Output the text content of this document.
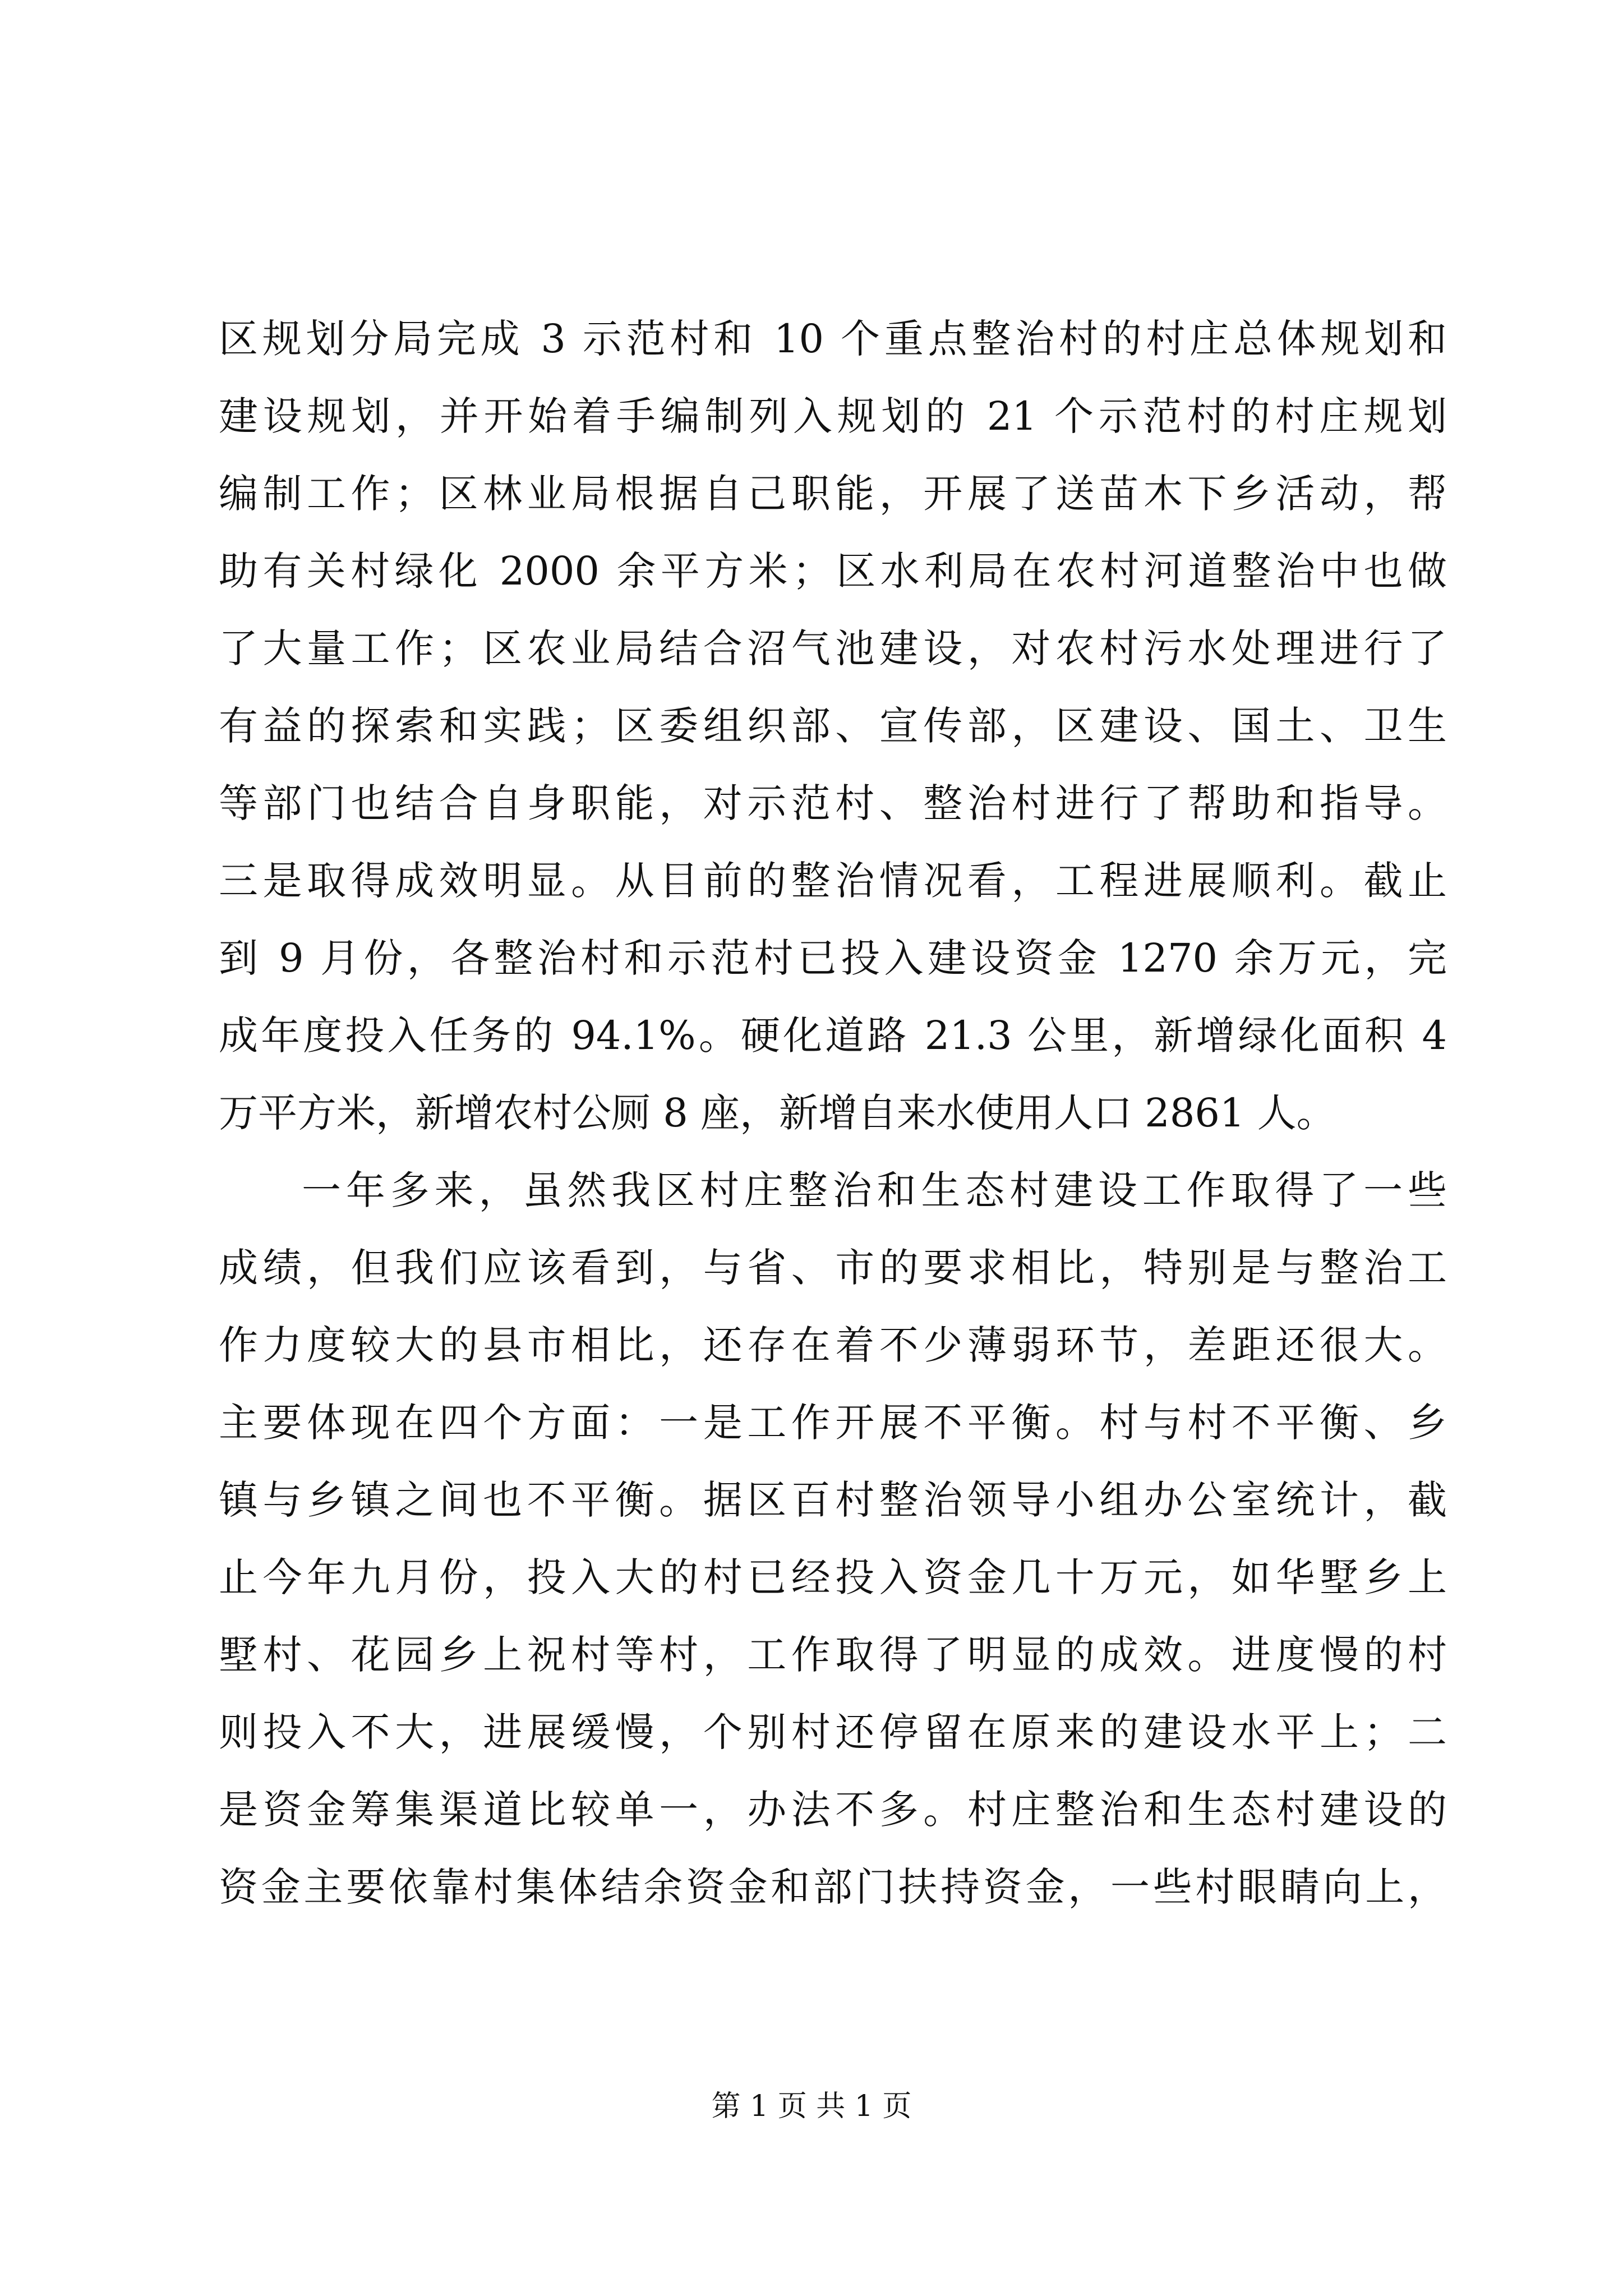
区规划分局完成 3 示范村和 10 个重点整治村的村庄总体规划和
建设规划，并开始着手编制列入规划的 21 个示范村的村庄规划
编制工作；区林业局根据自己职能，开展了送苗木下乡活动，帮
助有关村绿化 2000 余平方米；区水利局在农村河道整治中也做
了大量工作；区农业局结合沼气池建设，对农村污水处理进行了
有益的探索和实践；区委组织部、宣传部，区建设、国土、卫生
等部门也结合自身职能，对示范村、整治村进行了帮助和指导。
三是取得成效明显。从目前的整治情况看，工程进展顺利。截止
到 9 月份，各整治村和示范村已投入建设资金 1270 余万元，完
成年度投入任务的 94.1%。硬化道路 21.3 公里，新增绿化面积 4
万平方米，新增农村公厕 8 座，新增自来水使用人口 2861 人。
一年多来，虽然我区村庄整治和生态村建设工作取得了一些
成绩，但我们应该看到，与省、市的要求相比，特别是与整治工
作力度较大的县市相比，还存在着不少薄弱环节，差距还很大。
主要体现在四个方面：一是工作开展不平衡。村与村不平衡、乡
镇与乡镇之间也不平衡。据区百村整治领导小组办公室统计，截
止今年九月份，投入大的村已经投入资金几十万元，如华墅乡上
墅村、花园乡上祝村等村，工作取得了明显的成效。进度慢的村
则投入不大，进展缓慢，个别村还停留在原来的建设水平上；二
是资金筹集渠道比较单一，办法不多。村庄整治和生态村建设的
资金主要依靠村集体结余资金和部门扶持资金，一些村眼睛向上，
第 1 页 共 1 页
